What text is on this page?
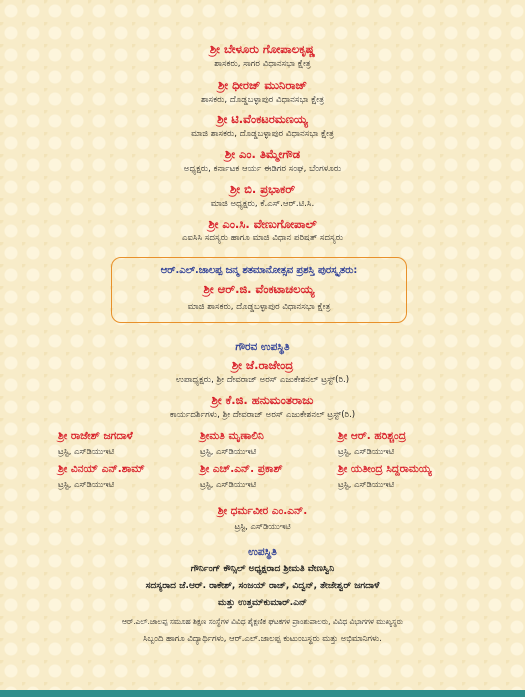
ಶ್ರೀ ಬೇಳೂರು ಗೋಪಾಲಕೃಷ್ಣ
ಶಾಸಕರು, ಸಾಗರ ವಿಧಾನಸಭಾ ಕ್ಷೇತ್ರ
ಶ್ರೀ ಧೀರಜ್ ಮುನಿರಾಜ್
ಶಾಸಕರು, ದೊಡ್ಡಬಳ್ಳಾಪುರ ವಿಧಾನಸಭಾ ಕ್ಷೇತ್ರ
ಶ್ರೀ ಟಿ.ವೆಂಕಟರಮಣಯ್ಯ
ಮಾಜಿ ಶಾಸಕರು, ದೊಡ್ಡಬಳ್ಳಾಪುರ ವಿಧಾನಸಭಾ ಕ್ಷೇತ್ರ
ಶ್ರೀ ಎಂ. ತಿಮ್ಮೇಗೌಡ
ಅಧ್ಯಕ್ಷರು, ಕರ್ನಾಟಕ ಆರ್ಯ ಈಡಿಗರ ಸಂಘ, ಬೆಂಗಳೂರು
ಶ್ರೀ ಬಿ. ಪ್ರಭಾಕರ್
ಮಾಜಿ ಅಧ್ಯಕ್ಷರು, ಕೆ.ಎಸ್.ಆರ್.ಟಿ.ಸಿ.
ಶ್ರೀ ಎಂ.ಸಿ. ವೇಣುಗೋಪಾಲ್
ಎಐಸಿಸಿ ಸದಸ್ಯರು ಹಾಗೂ ಮಾಜಿ ವಿಧಾನ ಪರಿಷತ್ ಸದಸ್ಯರು
ಆರ್.ಎಲ್.ಜಾಲಪ್ಪ ಜನ್ಮ ಶತಮಾನೋತ್ಸವ ಪ್ರಶಸ್ತಿ ಪುರಸ್ಕೃತರು:
ಶ್ರೀ ಆರ್.ಜಿ. ವೆಂಕಟಾಚಲಯ್ಯ
ಮಾಜಿ ಶಾಸಕರು, ದೊಡ್ಡಬಳ್ಳಾಪುರ ವಿಧಾನಸಭಾ ಕ್ಷೇತ್ರ
ಗೌರವ ಉಪಸ್ಥಿತಿ
ಶ್ರೀ ಜೆ.ರಾಜೇಂದ್ರ
ಉಪಾಧ್ಯಕ್ಷರು, ಶ್ರೀ ದೇವರಾಜ್ ಅರಸ್ ಎಜುಕೇಶನಲ್ ಟ್ರಸ್ಟ್(ರಿ.)
ಶ್ರೀ ಕೆ.ಜಿ. ಹನುಮಂತರಾಜು
ಕಾರ್ಯದರ್ಶಿಗಳು, ಶ್ರೀ ದೇವರಾಜ್ ಅರಸ್ ಎಜುಕೇಶನಲ್ ಟ್ರಸ್ಟ್(ರಿ.)
ಶ್ರೀ ರಾಜೇಶ್ ಜಗದಾಳೆ
ಟ್ರಸ್ಟಿ, ಎಸ್‌ಡಿಯುಇಟಿ
ಶ್ರೀಮತಿ ಮೃಣಾಲಿನಿ
ಟ್ರಸ್ಟಿ, ಎಸ್‌ಡಿಯುಇಟಿ
ಶ್ರೀ ಆರ್. ಹರಿಶ್ಚಂದ್ರ
ಟ್ರಸ್ಟಿ, ಎಸ್‌ಡಿಯುಇಟಿ
ಶ್ರೀ ವಿನಯ್ ಎನ್.ಶಾಮ್
ಟ್ರಸ್ಟಿ, ಎಸ್‌ಡಿಯುಇಟಿ
ಶ್ರೀ ಎಚ್.ಎನ್. ಪ್ರಕಾಶ್
ಟ್ರಸ್ಟಿ, ಎಸ್‌ಡಿಯುಇಟಿ
ಶ್ರೀ ಯತೀಂದ್ರ ಸಿದ್ದರಾಮಯ್ಯ
ಟ್ರಸ್ಟಿ, ಎಸ್‌ಡಿಯುಇಟಿ
ಶ್ರೀ ಧರ್ಮವೀರ ಎಂ.ಎನ್.
ಟ್ರಸ್ಟಿ, ಎಸ್‌ಡಿಯುಇಟಿ
ಉಪಸ್ಥಿತಿ
ಗೌರ್ನಿಂಗ್ ಕೌನ್ಸಿಲ್ ಅಧ್ಯಕ್ಷರಾದ ಶ್ರೀಮತಿ ವೇಣಸ್ವಿನಿ
ಸದಸ್ಯರಾದ ಜೆ.ಆರ್. ರಾಕೇಶ್, ಸಂಜಯ್ ರಾಜ್, ವಿದ್ವನ್, ತೇಜೇಶ್ವರ್ ಜಗದಾಳೆ
ಮತ್ತು ಉತ್ತಮ್‌ಕುಮಾರ್.ಎನ್
ಆರ್.ಎಲ್.ಜಾಲಪ್ಪ ಸಮೂಹ ಶಿಕ್ಷಣ ಸಂಸ್ಥೆಗಳ ವಿವಿಧ ಶೈಕ್ಷಣಿಕ ಘಟಕಗಳ ಪ್ರಾಂಶುಪಾಲರು, ವಿವಿಧ ವಿಭಾಗಗಳ ಮುಖ್ಯಸ್ಥರು
ಸಿಬ್ಬಂದಿ ಹಾಗೂ ವಿದ್ಯಾರ್ಥಿಗಳು, ಆರ್.ಎಲ್.ಜಾಲಪ್ಪ ಕುಟುಂಬಸ್ಥರು ಮತ್ತು ಅಭಿಮಾನಿಗಳು.
